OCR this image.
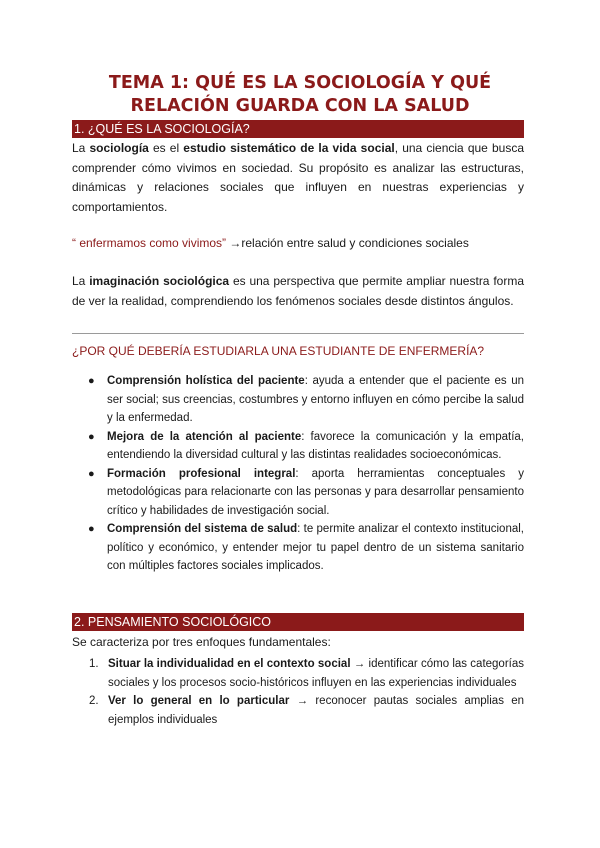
TEMA 1: QUÉ ES LA SOCIOLOGÍA Y QUÉ RELACIÓN GUARDA CON LA SALUD
1. ¿QUÉ ES LA SOCIOLOGÍA?
La sociología es el estudio sistemático de la vida social, una ciencia que busca comprender cómo vivimos en sociedad. Su propósito es analizar las estructuras, dinámicas y relaciones sociales que influyen en nuestras experiencias y comportamientos.
“ enfermamos como vivimos” →relación entre salud y condiciones sociales
La imaginación sociológica es una perspectiva que permite ampliar nuestra forma de ver la realidad, comprendiendo los fenómenos sociales desde distintos ángulos.
¿POR QUÉ DEBERÍA ESTUDIARLA UNA ESTUDIANTE DE ENFERMERÍA?
● Comprensión holística del paciente: ayuda a entender que el paciente es un ser social; sus creencias, costumbres y entorno influyen en cómo percibe la salud y la enfermedad.
● Mejora de la atención al paciente: favorece la comunicación y la empatía, entendiendo la diversidad cultural y las distintas realidades socioeconómicas.
● Formación profesional integral: aporta herramientas conceptuales y metodológicas para relacionarte con las personas y para desarrollar pensamiento crítico y habilidades de investigación social.
● Comprensión del sistema de salud: te permite analizar el contexto institucional, político y económico, y entender mejor tu papel dentro de un sistema sanitario con múltiples factores sociales implicados.
2. PENSAMIENTO SOCIOLÓGICO
Se caracteriza por tres enfoques fundamentales:
1. Situar la individualidad en el contexto social → identificar cómo las categorías sociales y los procesos socio-históricos influyen en las experiencias individuales
2. Ver lo general en lo particular → reconocer pautas sociales amplias en ejemplos individuales
